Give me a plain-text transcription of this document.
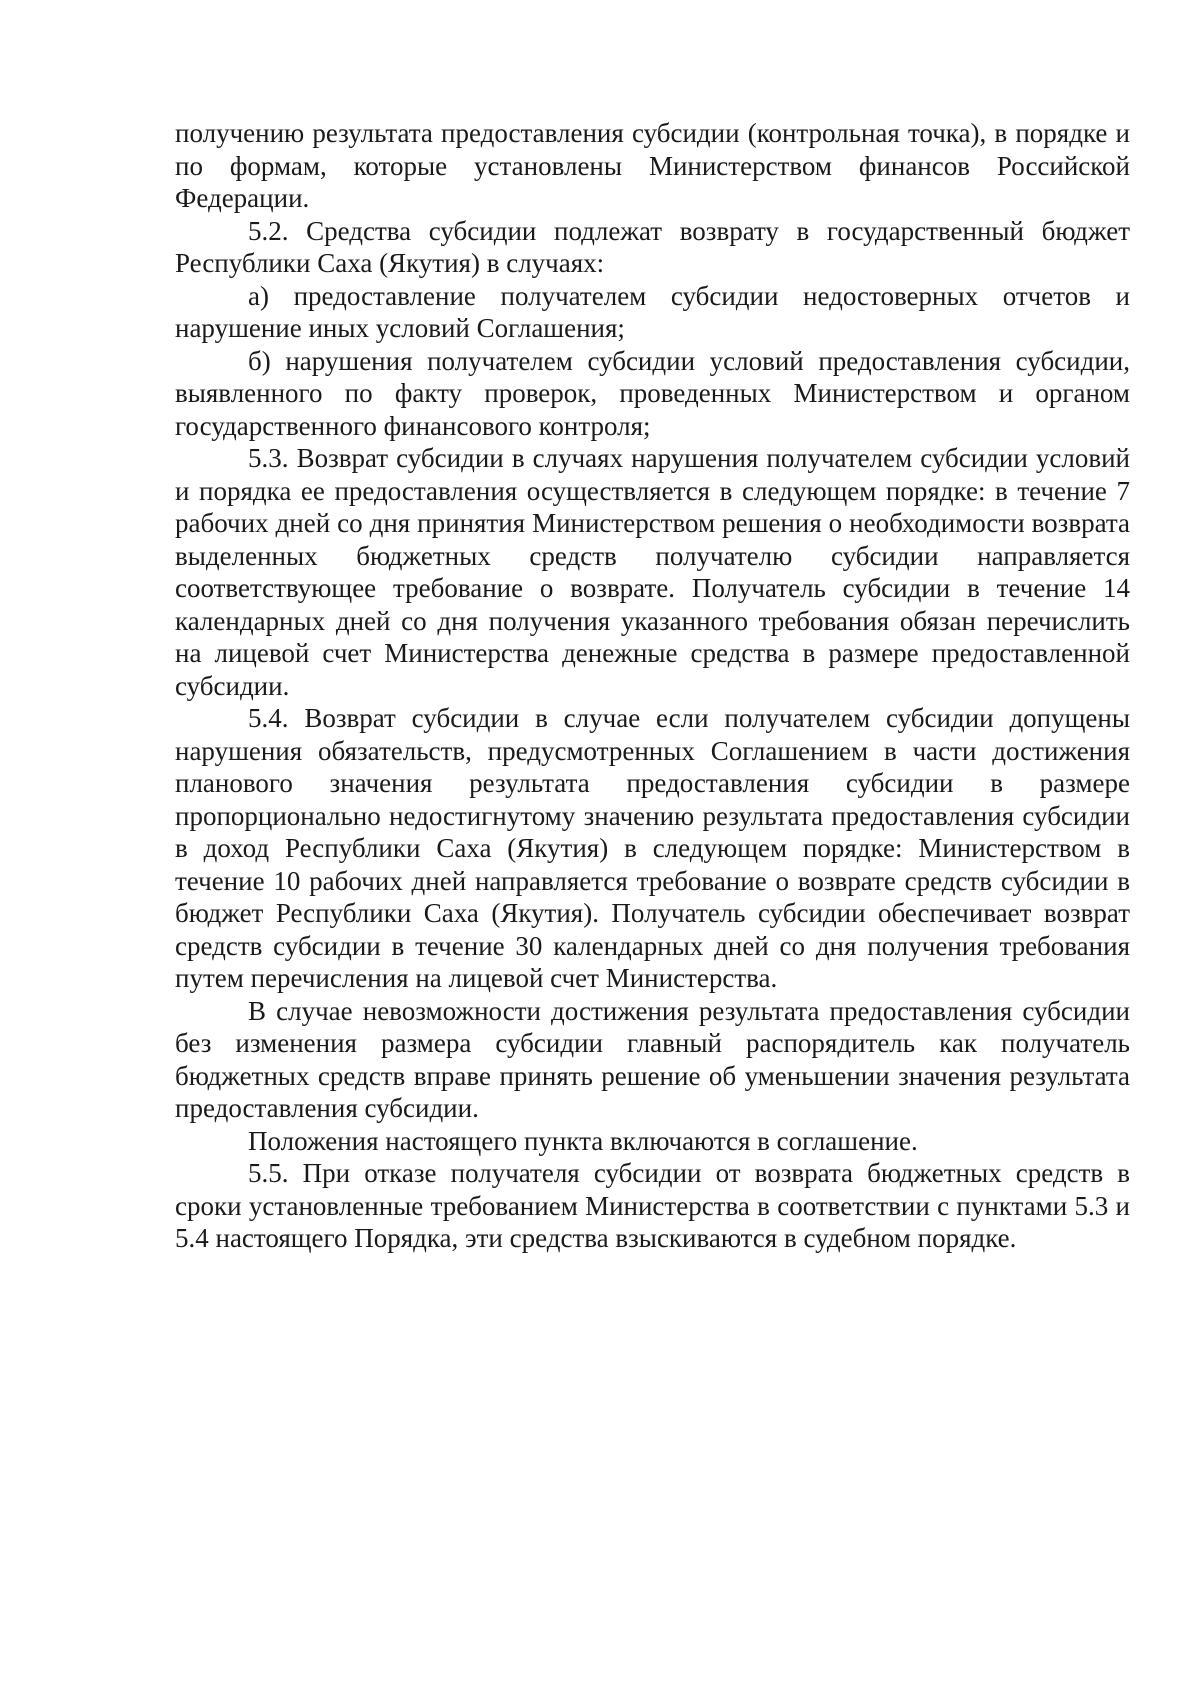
получению результата предоставления субсидии (контрольная точка), в порядке и по формам, которые установлены Министерством финансов Российской Федерации.

5.2. Средства субсидии подлежат возврату в государственный бюджет Республики Саха (Якутия) в случаях:

а) предоставление получателем субсидии недостоверных отчетов и нарушение иных условий Соглашения;

б) нарушения получателем субсидии условий предоставления субсидии, выявленного по факту проверок, проведенных Министерством и органом государственного финансового контроля;

5.3. Возврат субсидии в случаях нарушения получателем субсидии условий и порядка ее предоставления осуществляется в следующем порядке: в течение 7 рабочих дней со дня принятия Министерством решения о необходимости возврата выделенных бюджетных средств получателю субсидии направляется соответствующее требование о возврате. Получатель субсидии в течение 14 календарных дней со дня получения указанного требования обязан перечислить на лицевой счет Министерства денежные средства в размере предоставленной субсидии.

5.4. Возврат субсидии в случае если получателем субсидии допущены нарушения обязательств, предусмотренных Соглашением в части достижения планового значения результата предоставления субсидии в размере пропорционально недостигнутому значению результата предоставления субсидии в доход Республики Саха (Якутия) в следующем порядке: Министерством в течение 10 рабочих дней направляется требование о возврате средств субсидии в бюджет Республики Саха (Якутия). Получатель субсидии обеспечивает возврат средств субсидии в течение 30 календарных дней со дня получения требования путем перечисления на лицевой счет Министерства.

В случае невозможности достижения результата предоставления субсидии без изменения размера субсидии главный распорядитель как получатель бюджетных средств вправе принять решение об уменьшении значения результата предоставления субсидии.

Положения настоящего пункта включаются в соглашение.

5.5. При отказе получателя субсидии от возврата бюджетных средств в сроки установленные требованием Министерства в соответствии с пунктами 5.3 и 5.4 настоящего Порядка, эти средства взыскиваются в судебном порядке.
